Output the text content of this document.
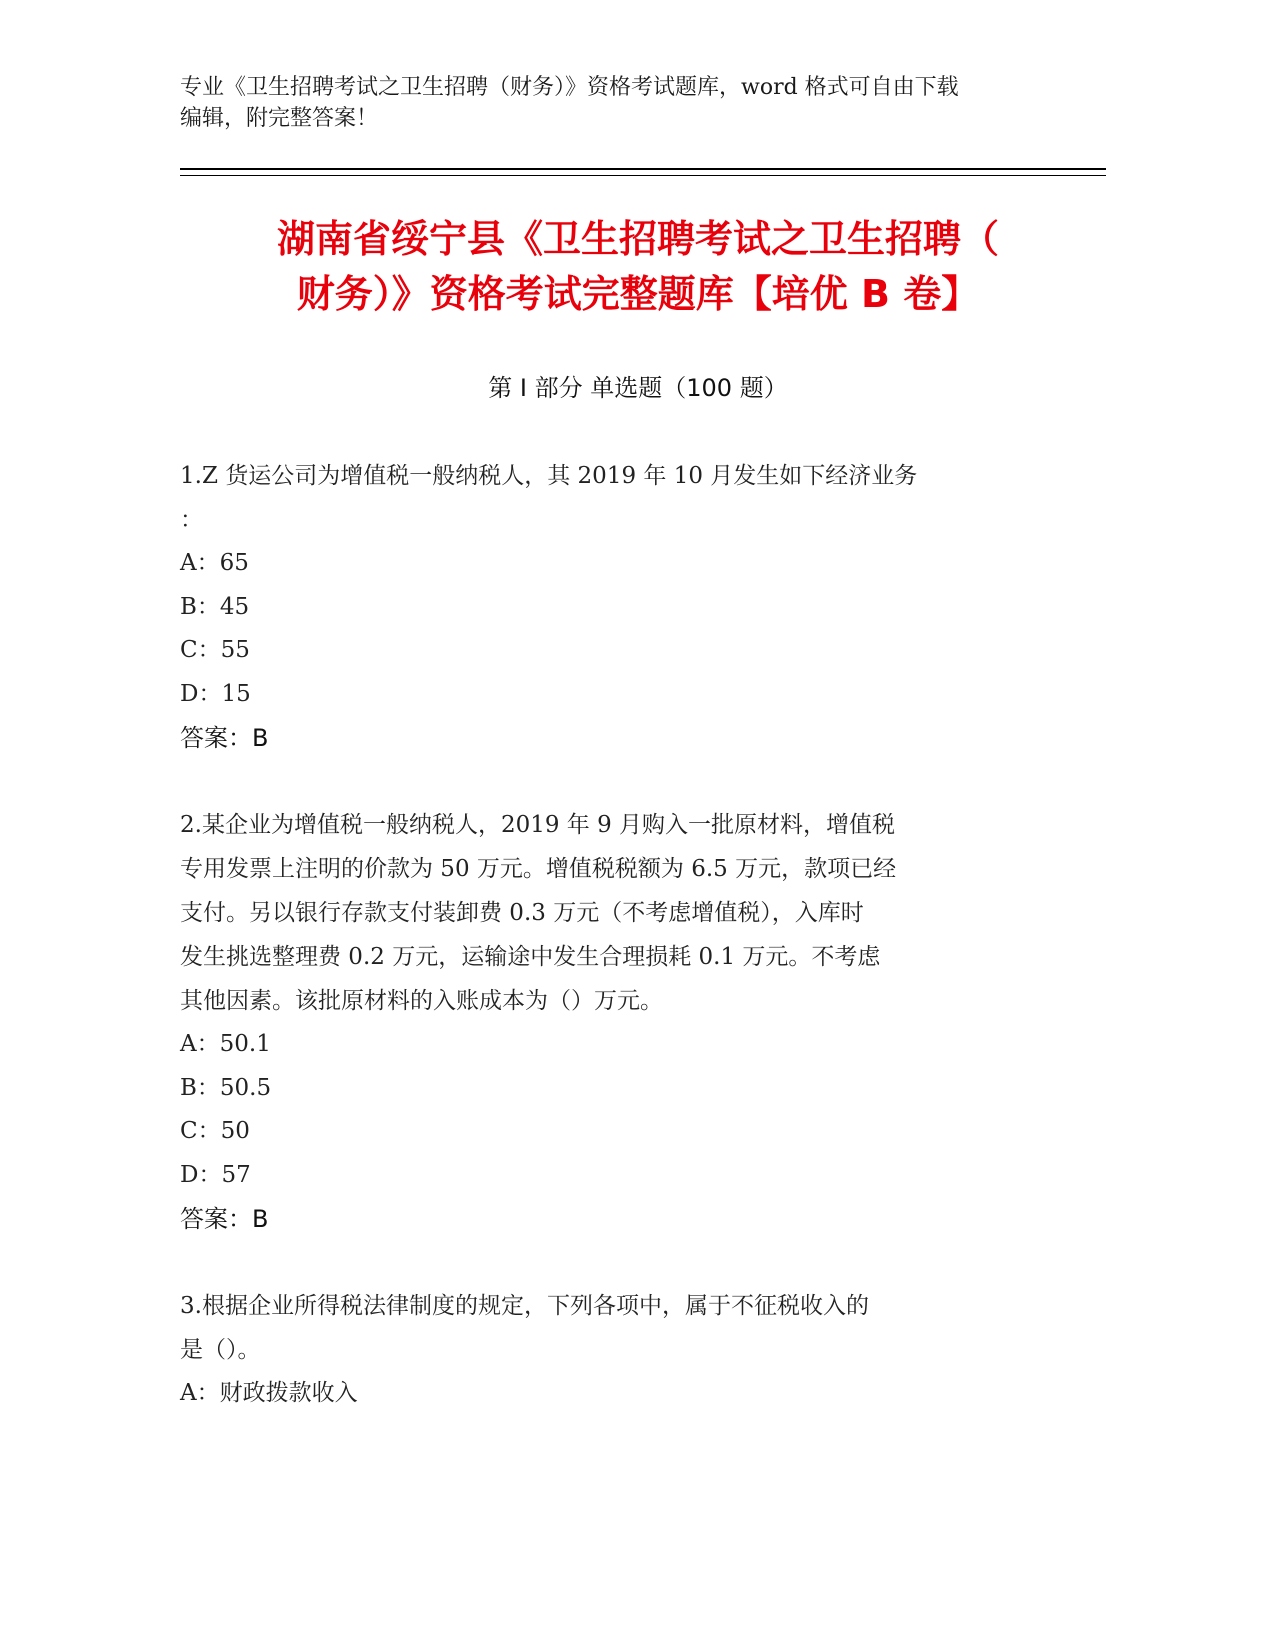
专业《卫生招聘考试之卫生招聘（财务）》资格考试题库，word 格式可自由下载
编辑，附完整答案！
湖南省绥宁县《卫生招聘考试之卫生招聘（
财务）》资格考试完整题库【培优 B 卷】
第 I 部分 单选题（100 题）
1.Z 货运公司为增值税一般纳税人，其 2019 年 10 月发生如下经济业务
：
A：65
B：45
C：55
D：15
答案：B
2.某企业为增值税一般纳税人，2019 年 9 月购入一批原材料，增值税
专用发票上注明的价款为 50 万元。增值税税额为 6.5 万元，款项已经
支付。另以银行存款支付装卸费 0.3 万元（不考虑增值税），入库时
发生挑选整理费 0.2 万元，运输途中发生合理损耗 0.1 万元。不考虑
其他因素。该批原材料的入账成本为（）万元。
A：50.1
B：50.5
C：50
D：57
答案：B
3.根据企业所得税法律制度的规定，下列各项中，属于不征税收入的
是（）。
A：财政拨款收入
